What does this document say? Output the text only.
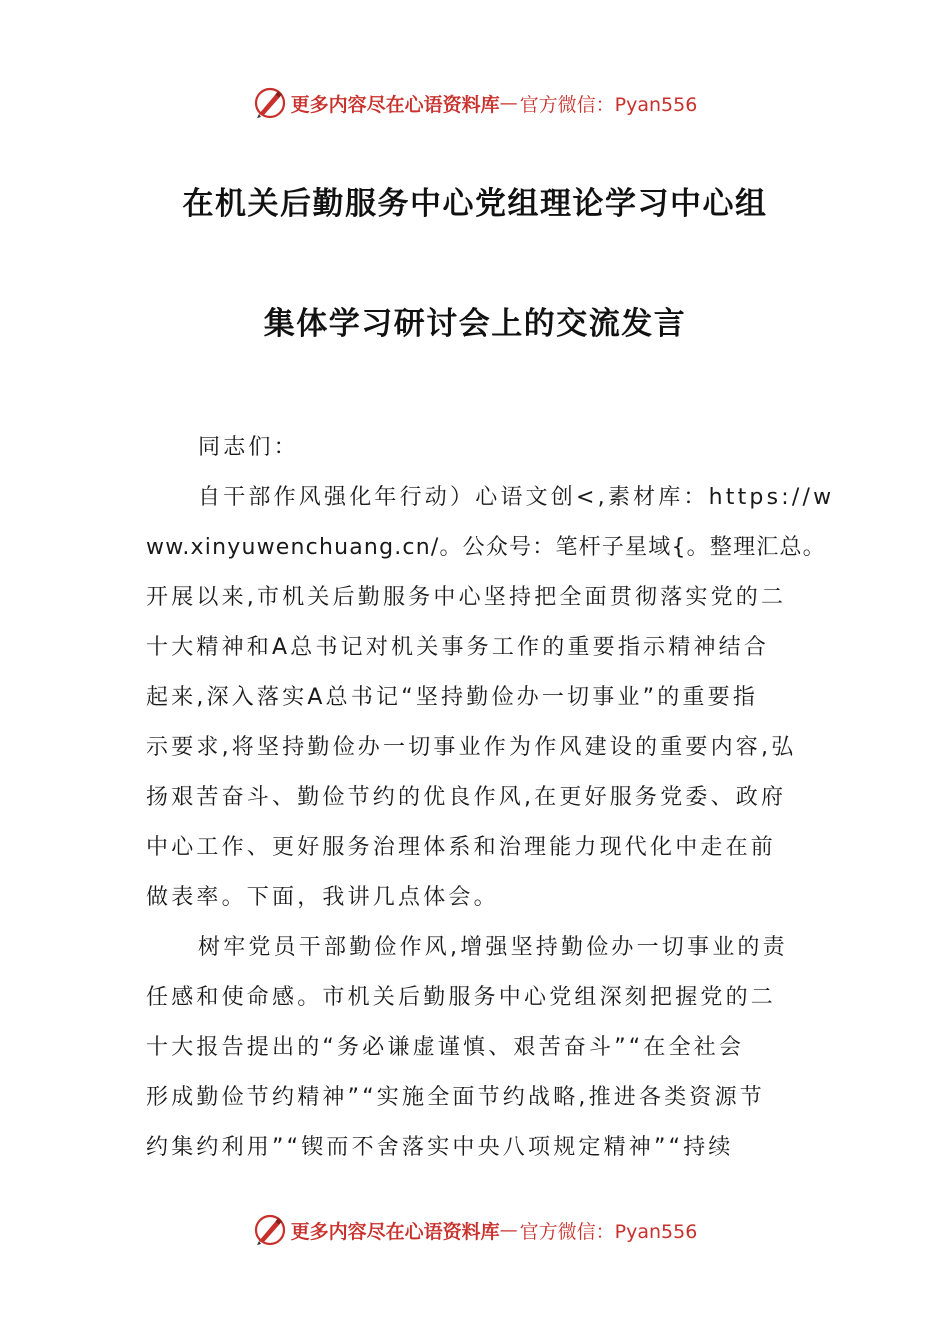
更多内容尽在心语资料库 — 官方微信：Pyan556
在机关后勤服务中心党组理论学习中心组
集体学习研讨会上的交流发言
同志们：
自干部作风强化年行动）心语文创<,素材库：https://w
ww.xinyuwenchuang.cn/。公众号：笔杆子星域{。整理汇总。
开展以来,市机关后勤服务中心坚持把全面贯彻落实党的二
十大精神和A总书记对机关事务工作的重要指示精神结合
起来,深入落实A总书记“坚持勤俭办一切事业”的重要指
示要求,将坚持勤俭办一切事业作为作风建设的重要内容,弘
扬艰苦奋斗、勤俭节约的优良作风,在更好服务党委、政府
中心工作、更好服务治理体系和治理能力现代化中走在前
做表率。下面，我讲几点体会。
树牢党员干部勤俭作风,增强坚持勤俭办一切事业的责
任感和使命感。市机关后勤服务中心党组深刻把握党的二
十大报告提出的“务必谦虚谨慎、艰苦奋斗”“在全社会
形成勤俭节约精神”“实施全面节约战略,推进各类资源节
约集约利用”“锲而不舍落实中央八项规定精神”“持续
更多内容尽在心语资料库 — 官方微信：Pyan556
